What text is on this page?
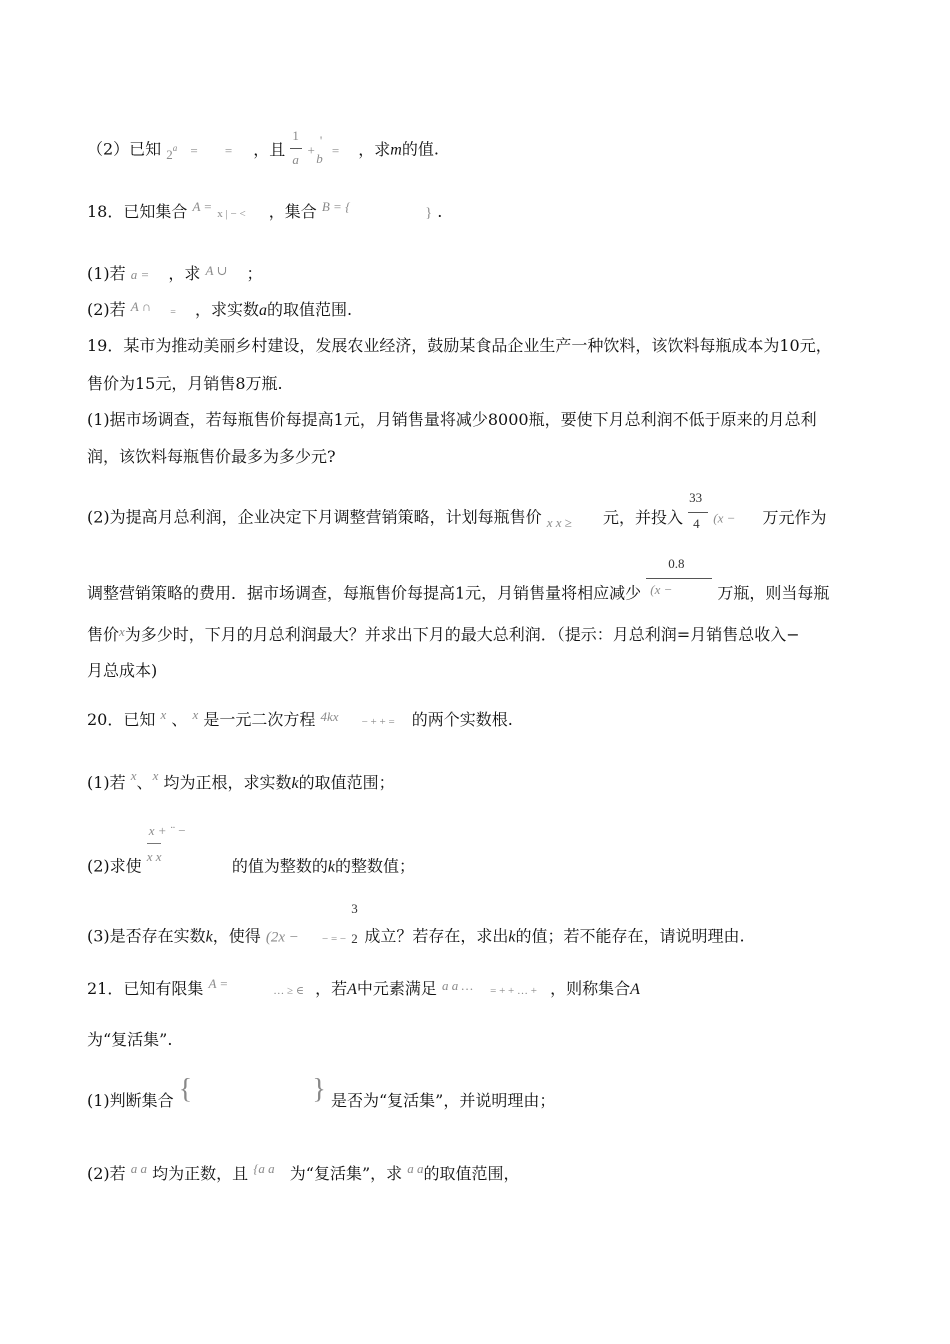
（2）已知 $_2^a$ = = ，且 $\frac{1}{a} + '_b$ = ，求m的值.
18．已知集合 $^{A =}$ x | − < ，集合 $^{B = \{}$	} .
(1)若 a = ，求 $^{A \cup}$ ；
(2)若 $^{A \cap}$ = ，求实数a的取值范围.
19．某市为推动美丽乡村建设，发展农业经济，鼓励某食品企业生产一种饮料，该饮料每瓶成本为10元，
售价为15元，月销售8万瓶.
(1)据市场调查，若每瓶售价每提高1元，月销售量将减少8000瓶，要使下月总利润不低于原来的月总利
润，该饮料每瓶售价最多为多少元?
(2)为提高月总利润，企业决定下月调整营销策略，计划每瓶售价 $_{x x \ge}$ 元，并投入 $\frac{33}{4} (x$ − 万元作为
调整营销策略的费用．据市场调查，每瓶售价每提高1元，月销售量将相应减少
0.8
(x −	万瓶，则当每瓶
售价$^x$为多少时，下月的月总利润最大？并求出下月的最大总利润．（提示：月总利润=月销售总收入−
月总成本)
20．已知 $^x$ 、 $^x$ 是一元二次方程 $^{4kx}$ − + + = 的两个实数根.
(1)若 $^x$、$^x$ 均为正根，求实数k的取值范围；
(2)求使 $\frac{x + ¨ -}{\text{x x}}$ 的值为整数的k的整数值；
(3)是否存在实数k，使得 (2x − − = −
3
2 成立？若存在，求出k的值；若不能存在，请说明理由.
21．已知有限集 $^{A =}$	… ≥ ∈ ，若A中元素满足 $^{a a \dots}$ = + + … + ，则称集合A
为“复活集”.
(1)判断集合 {	} 是否为“复活集”，并说明理由；
(2)若 $^{a a}$ 均为正数，且 $^{\{a a}$ 为“复活集”，求 $^{a a}$的取值范围，
